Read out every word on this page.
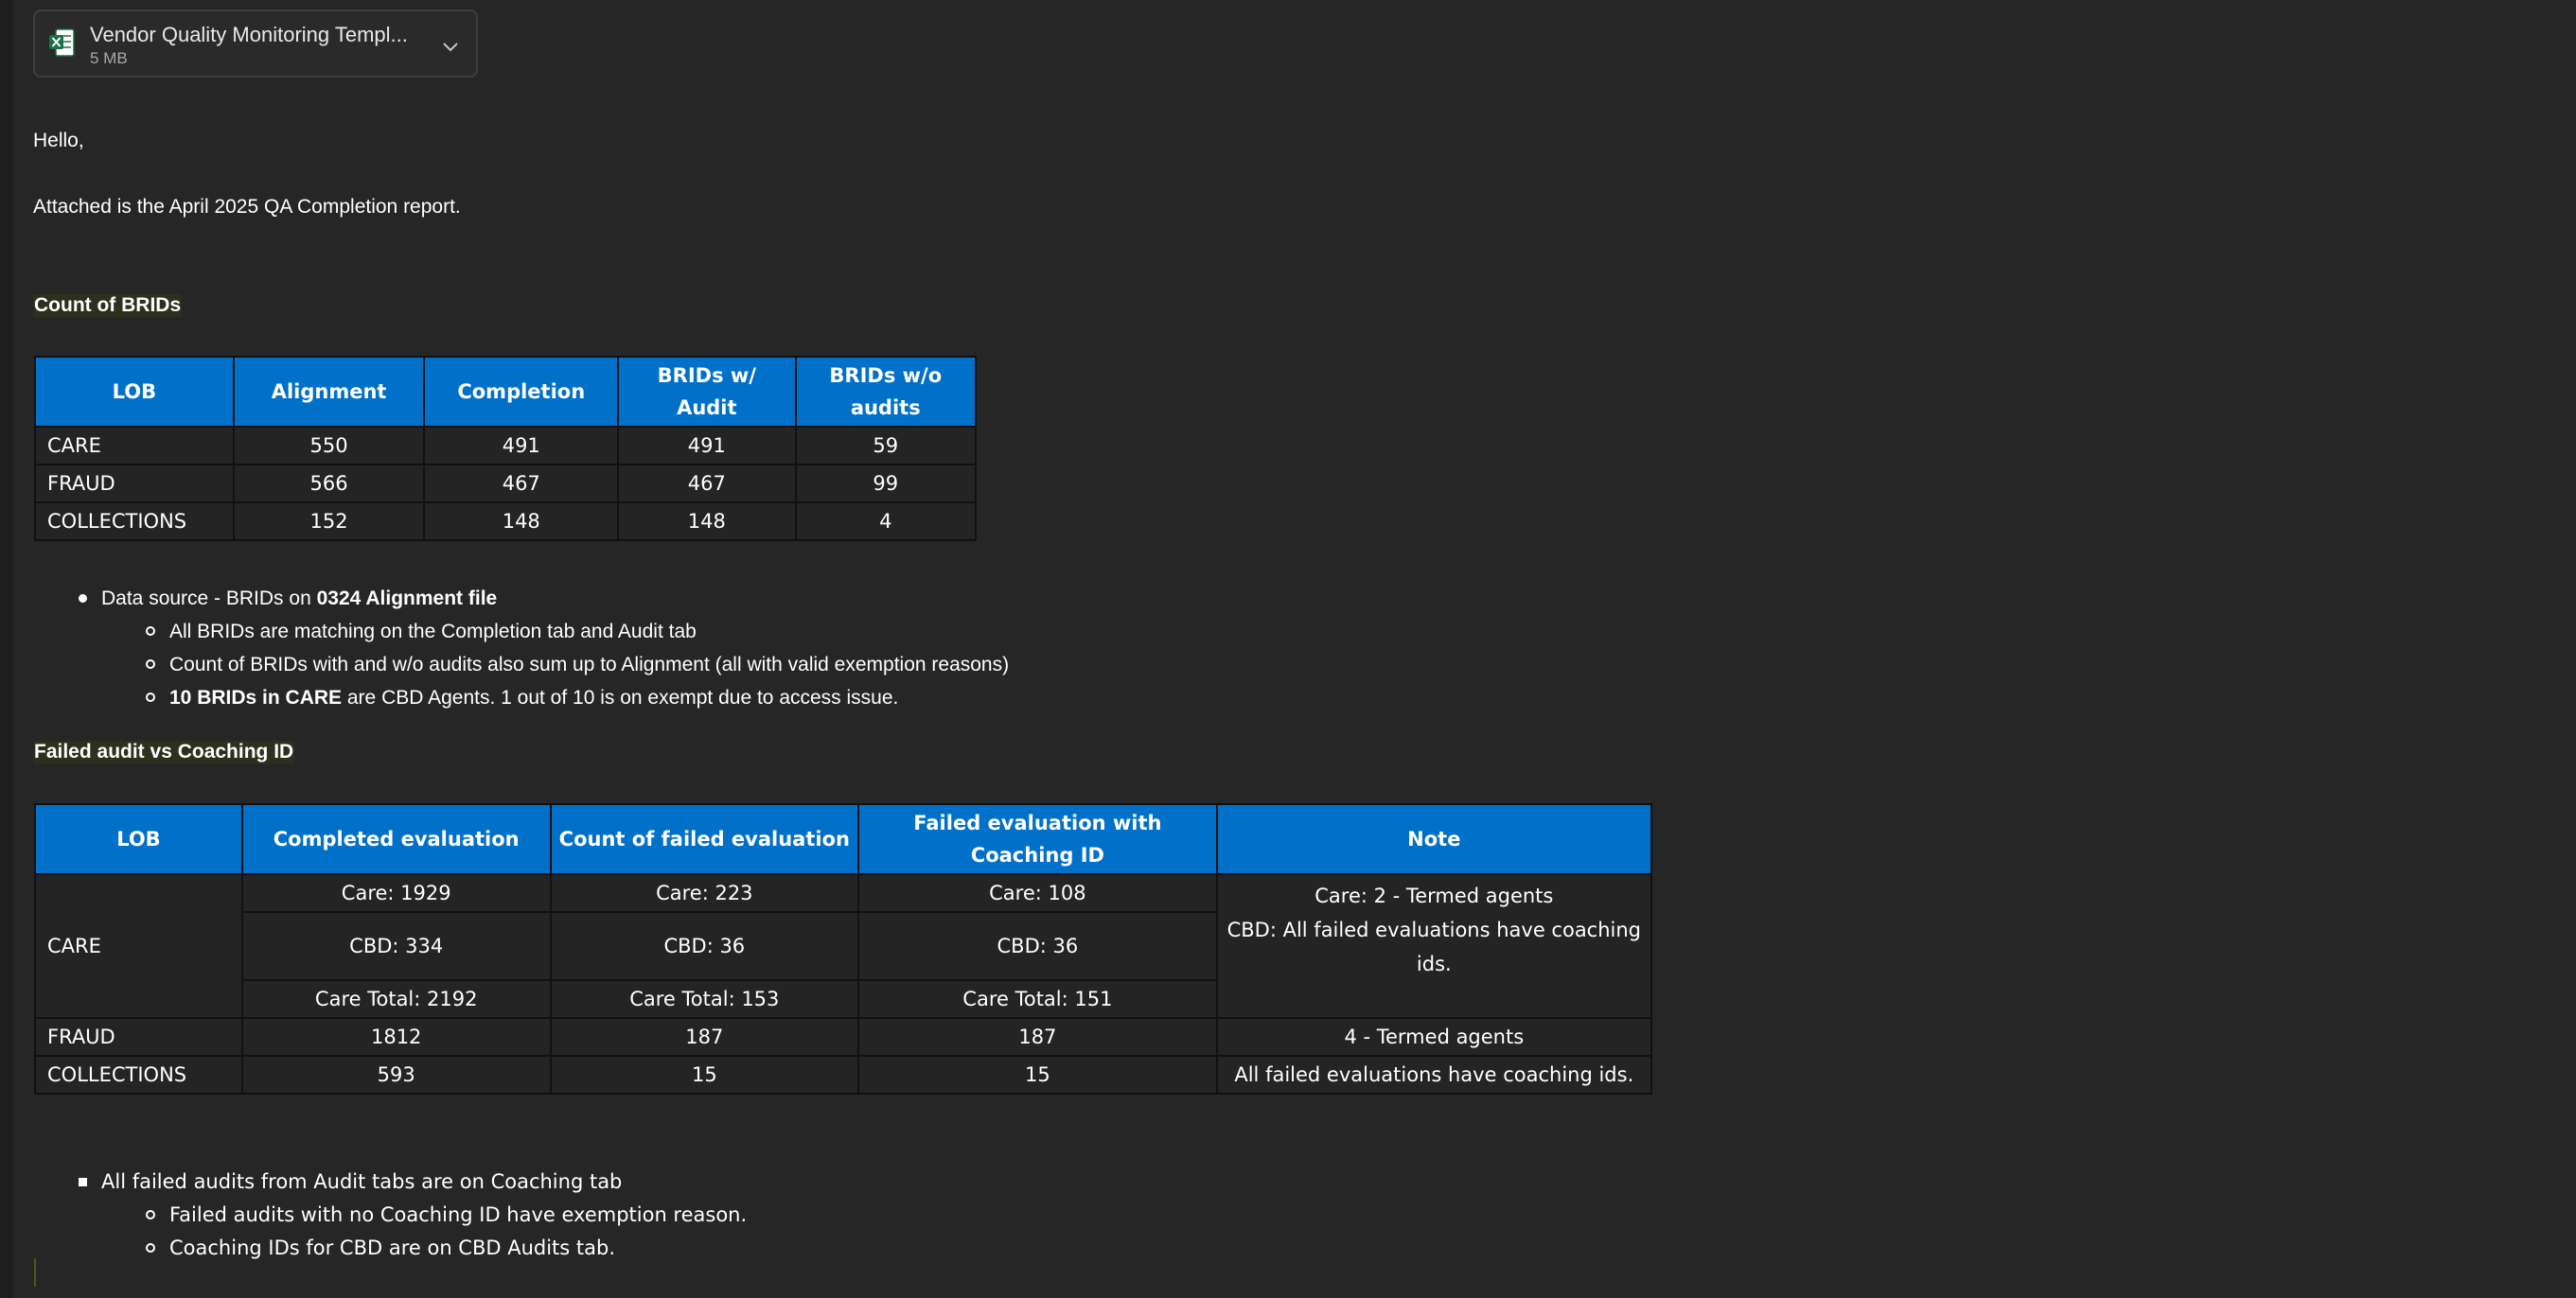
Vendor Quality Monitoring Templ...
5 MB
Hello,
Attached is the April 2025 QA Completion report.
Count of BRIDs
LOB	Alignment	Completion	BRIDs w/ Audit	BRIDs w/o audits
CARE	550	491	491	59
FRAUD	566	467	467	99
COLLECTIONS	152	148	148	4
Data source - BRIDs on 0324 Alignment file
All BRIDs are matching on the Completion tab and Audit tab
Count of BRIDs with and w/o audits also sum up to Alignment (all with valid exemption reasons)
10 BRIDs in CARE are CBD Agents. 1 out of 10 is on exempt due to access issue.
Failed audit vs Coaching ID
LOB	Completed evaluation	Count of failed evaluation	Failed evaluation with Coaching ID	Note
CARE	Care: 1929	Care: 223	Care: 108	Care: 2 - Termed agents
CBD: All failed evaluations have coaching ids.

	CBD: 334	CBD: 36	CBD: 36	
	Care Total: 2192	Care Total: 153	Care Total: 151	
FRAUD	1812	187	187	4 - Termed agents
COLLECTIONS	593	15	15	All failed evaluations have coaching ids.
All failed audits from Audit tabs are on Coaching tab
Failed audits with no Coaching ID have exemption reason.
Coaching IDs for CBD are on CBD Audits tab.
